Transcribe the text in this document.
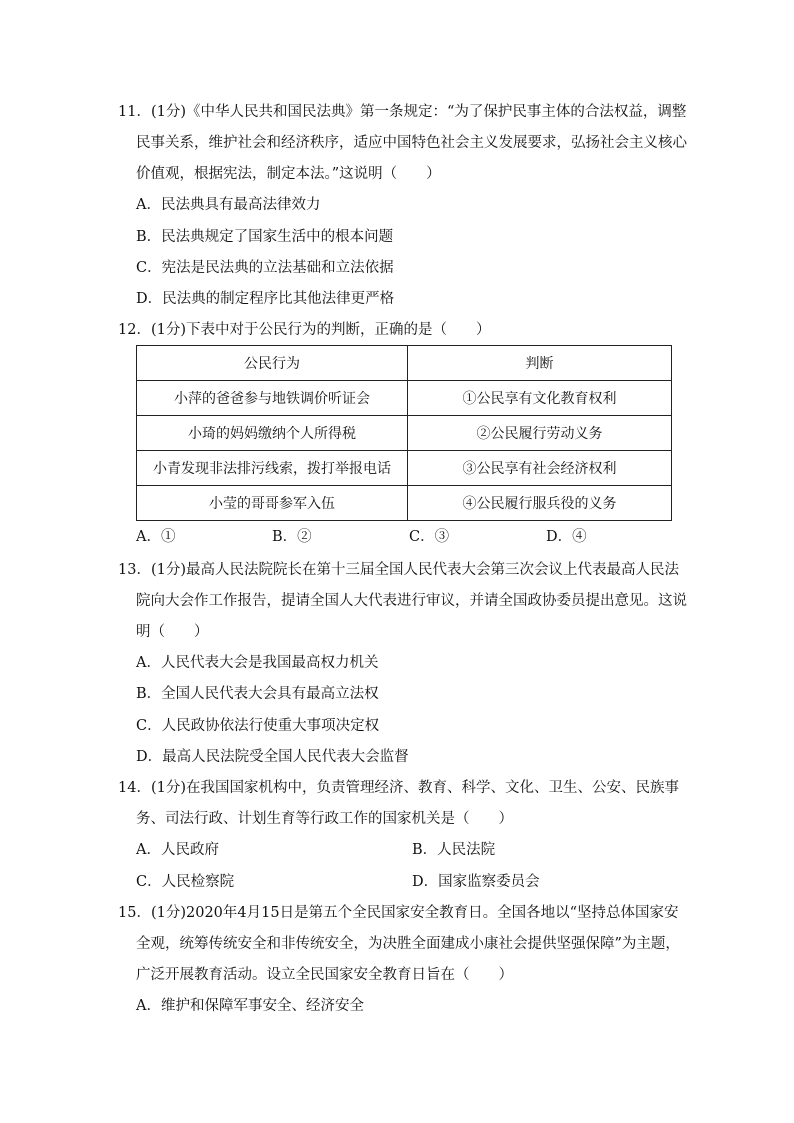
11．(1分)《中华人民共和国民法典》第一条规定：“为了保护民事主体的合法权益，调整
民事关系，维护社会和经济秩序，适应中国特色社会主义发展要求，弘扬社会主义核心
价值观，根据宪法，制定本法。”这说明（　　）
A．民法典具有最高法律效力
B．民法典规定了国家生活中的根本问题
C．宪法是民法典的立法基础和立法依据
D．民法典的制定程序比其他法律更严格
12．(1分)下表中对于公民行为的判断，正确的是（　　）
公民行为	判断
小萍的爸爸参与地铁调价听证会	①公民享有文化教育权利
小琦的妈妈缴纳个人所得税	②公民履行劳动义务
小青发现非法排污线索，拨打举报电话	③公民享有社会经济权利
小莹的哥哥参军入伍	④公民履行服兵役的义务
A．①	B．②	C．③	D．④
13．(1分)最高人民法院院长在第十三届全国人民代表大会第三次会议上代表最高人民法
院向大会作工作报告，提请全国人大代表进行审议，并请全国政协委员提出意见。这说
明（　　）
A．人民代表大会是我国最高权力机关
B．全国人民代表大会具有最高立法权
C．人民政协依法行使重大事项决定权
D．最高人民法院受全国人民代表大会监督
14．(1分)在我国国家机构中，负责管理经济、教育、科学、文化、卫生、公安、民族事
务、司法行政、计划生育等行政工作的国家机关是（　　）
A．人民政府	B．人民法院
C．人民检察院	D．国家监察委员会
15．(1分)2020年4月15日是第五个全民国家安全教育日。全国各地以“坚持总体国家安
全观，统筹传统安全和非传统安全，为决胜全面建成小康社会提供坚强保障”为主题，
广泛开展教育活动。设立全民国家安全教育日旨在（　　）
A．维护和保障军事安全、经济安全
